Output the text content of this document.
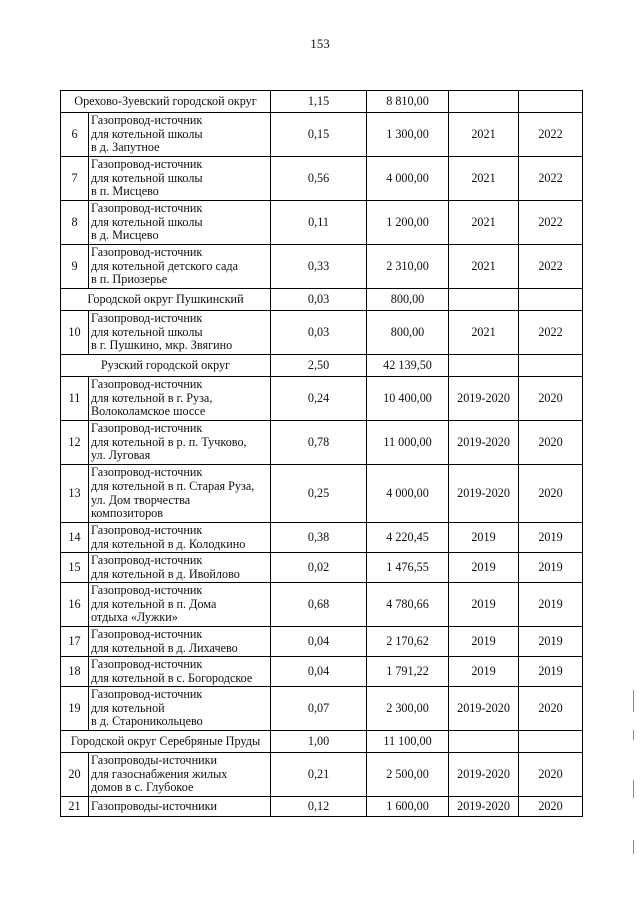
153
Орехово-Зуевский городской округ		1,15	8 810,00		
6	Газопровод-источник
для котельной школы
в д. Запутное	0,15	1 300,00	2021	2022
7	Газопровод-источник
для котельной школы
в п. Мисцево	0,56	4 000,00	2021	2022
8	Газопровод-источник
для котельной школы
в д. Мисцево	0,11	1 200,00	2021	2022
9	Газопровод-источник
для котельной детского сада
в п. Приозерье	0,33	2 310,00	2021	2022
Городской округ Пушкинский		0,03	800,00		
10	Газопровод-источник
для котельной школы
в г. Пушкино, мкр. Звягино	0,03	800,00	2021	2022
Рузский городской округ		2,50	42 139,50		
11	Газопровод-источник
для котельной в г. Руза,
Волоколамское шоссе	0,24	10 400,00	2019-2020	2020
12	Газопровод-источник
для котельной в р. п. Тучково,
ул. Луговая	0,78	11 000,00	2019-2020	2020
13	Газопровод-источник
для котельной в п. Старая Руза,
ул. Дом творчества
композиторов	0,25	4 000,00	2019-2020	2020
14	Газопровод-источник
для котельной в д. Колодкино	0,38	4 220,45	2019	2019
15	Газопровод-источник
для котельной в д. Ивойлово	0,02	1 476,55	2019	2019
16	Газопровод-источник
для котельной в п. Дома
отдыха «Лужки»	0,68	4 780,66	2019	2019
17	Газопровод-источник
для котельной в д. Лихачево	0,04	2 170,62	2019	2019
18	Газопровод-источник
для котельной в с. Богородское	0,04	1 791,22	2019	2019
19	Газопровод-источник
для котельной
в д. Староникольцево	0,07	2 300,00	2019-2020	2020
Городской округ Серебряные Пруды		1,00	11 100,00		
20	Газопроводы-источники
для газоснабжения жилых
домов в с. Глубокое	0,21	2 500,00	2019-2020	2020
21	Газопроводы-источники	0,12	1 600,00	2019-2020	2020
